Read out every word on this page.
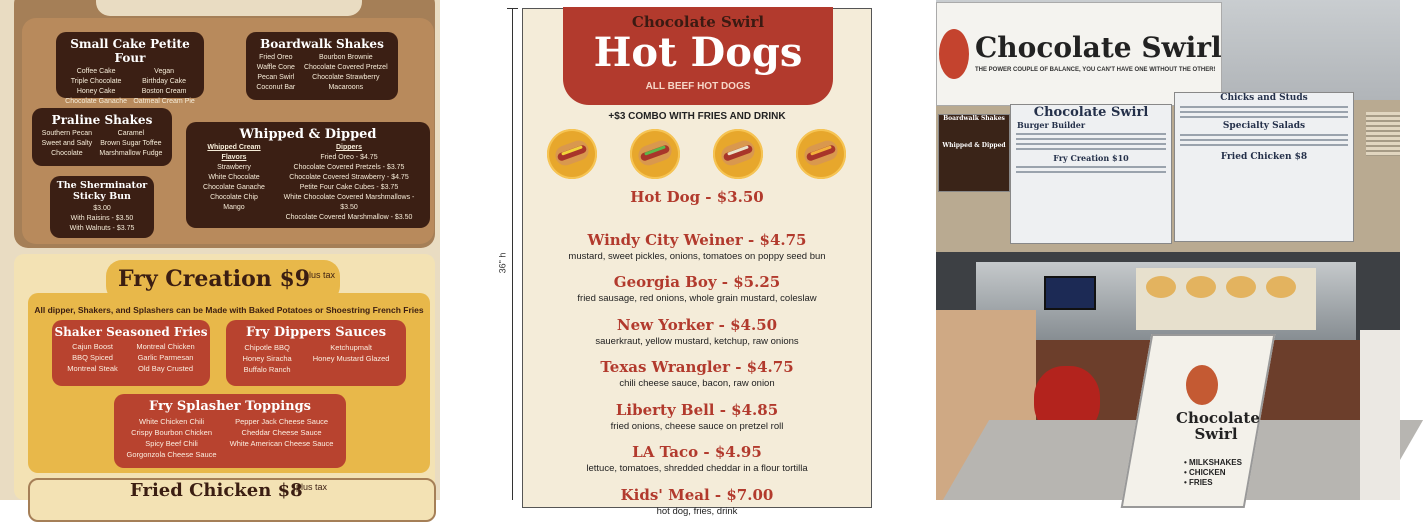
Small Cake Petite Four
Coffee Cake
Triple Chocolate
Honey Cake
Chocolate Ganache
Vegan
Birthday Cake
Boston Cream
Oatmeal Cream Pie
Boardwalk Shakes
Fried Oreo
Waffle Cone
Pecan Swirl
Coconut Bar
Bourbon Brownie
Chocolate Covered Pretzel
Chocolate Strawberry
Macaroons
Praline Shakes
Southern Pecan
Sweet and Salty
Chocolate
Caramel
Brown Sugar Toffee
Marshmallow Fudge
The Sherminator Sticky Bun
$3.00
With Raisins - $3.50
With Walnuts - $3.75
Whipped & Dipped
Whipped Cream Flavors
Strawberry
White Chocolate
Chocolate Ganache
Chocolate Chip
Mango
Dippers
Fried Oreo - $4.75
Chocolate Covered Pretzels - $3.75
Chocolate Covered Strawberry - $4.75
Petite Four Cake Cubes - $3.75
White Chocolate Covered Marshmallows - $3.50
Chocolate Covered Marshmallow - $3.50
Fry Creation $9
plus tax
All dipper, Shakers, and Splashers can be Made with Baked Potatoes or Shoestring French Fries
Shaker Seasoned Fries
Cajun Boost
BBQ Spiced
Montreal Steak
Montreal Chicken
Garlic Parmesan
Old Bay Crusted
Fry Dippers Sauces
Chipotle BBQ
Honey Siracha
Buffalo Ranch
Ketchupmalt
Honey Mustard Glazed
Fry Splasher Toppings
White Chicken Chili
Crispy Bourbon Chicken
Spicy Beef Chili
Gorgonzola Cheese Sauce
Pepper Jack Cheese Sauce
Cheddar Cheese Sauce
White American Cheese Sauce
Fried Chicken $8
plus tax
36" h
Chocolate Swirl
Hot Dogs
ALL BEEF HOT DOGS
+$3 COMBO WITH FRIES AND DRINK
Hot Dog - $3.50
Windy City Weiner - $4.75
mustard, sweet pickles, onions, tomatoes on poppy seed bun
Georgia Boy - $5.25
fried sausage, red onions, whole grain mustard, coleslaw
New Yorker - $4.50
sauerkraut, yellow mustard, ketchup, raw onions
Texas Wrangler - $4.75
chili cheese sauce, bacon, raw onion
Liberty Bell - $4.85
fried onions, cheese sauce on pretzel roll
LA Taco - $4.95
lettuce, tomatoes, shredded cheddar in a flour tortilla
Kids' Meal - $7.00
hot dog, fries, drink
Chocolate Swirl
THE POWER COUPLE OF BALANCE, YOU CAN'T HAVE ONE WITHOUT THE OTHER!
Chocolate Swirl
Burger Builder
Fry Creation $10
Chicks and Studs
Specialty Salads
Fried Chicken $8
Boardwalk Shakes
Whipped & Dipped
Chocolate Swirl
• MILKSHAKES
• CHICKEN
• FRIES
